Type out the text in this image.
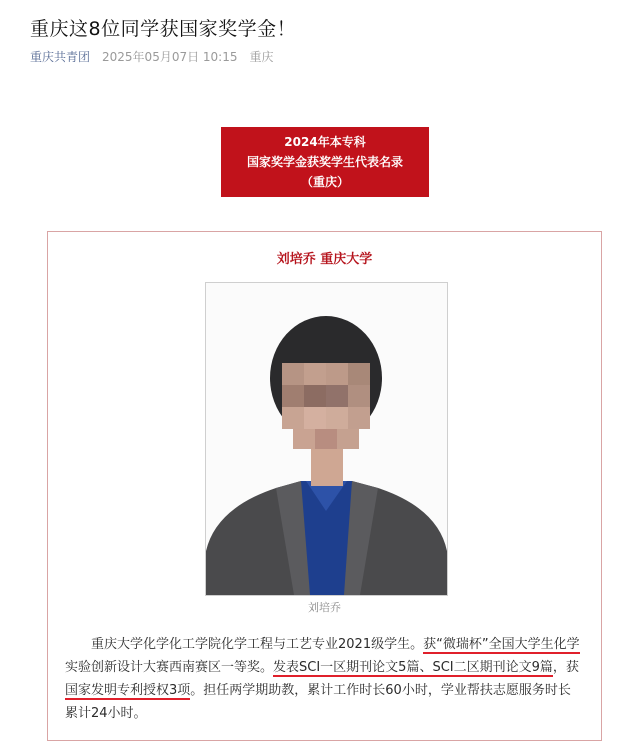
重庆这8位同学获国家奖学金！
重庆共青团 2025年05月07日 10:15 重庆
2024年本专科
国家奖学金获奖学生代表名录
（重庆）
刘培乔 重庆大学
刘培乔
重庆大学化学化工学院化学工程与工艺专业2021级学生。获“微瑞杯”全国大学生化学
实验创新设计大赛西南赛区一等奖。发表SCI一区期刊论文5篇、SCI二区期刊论文9篇，获
国家发明专利授权3项。担任两学期助教，累计工作时长60小时，学业帮扶志愿服务时长
累计24小时。
